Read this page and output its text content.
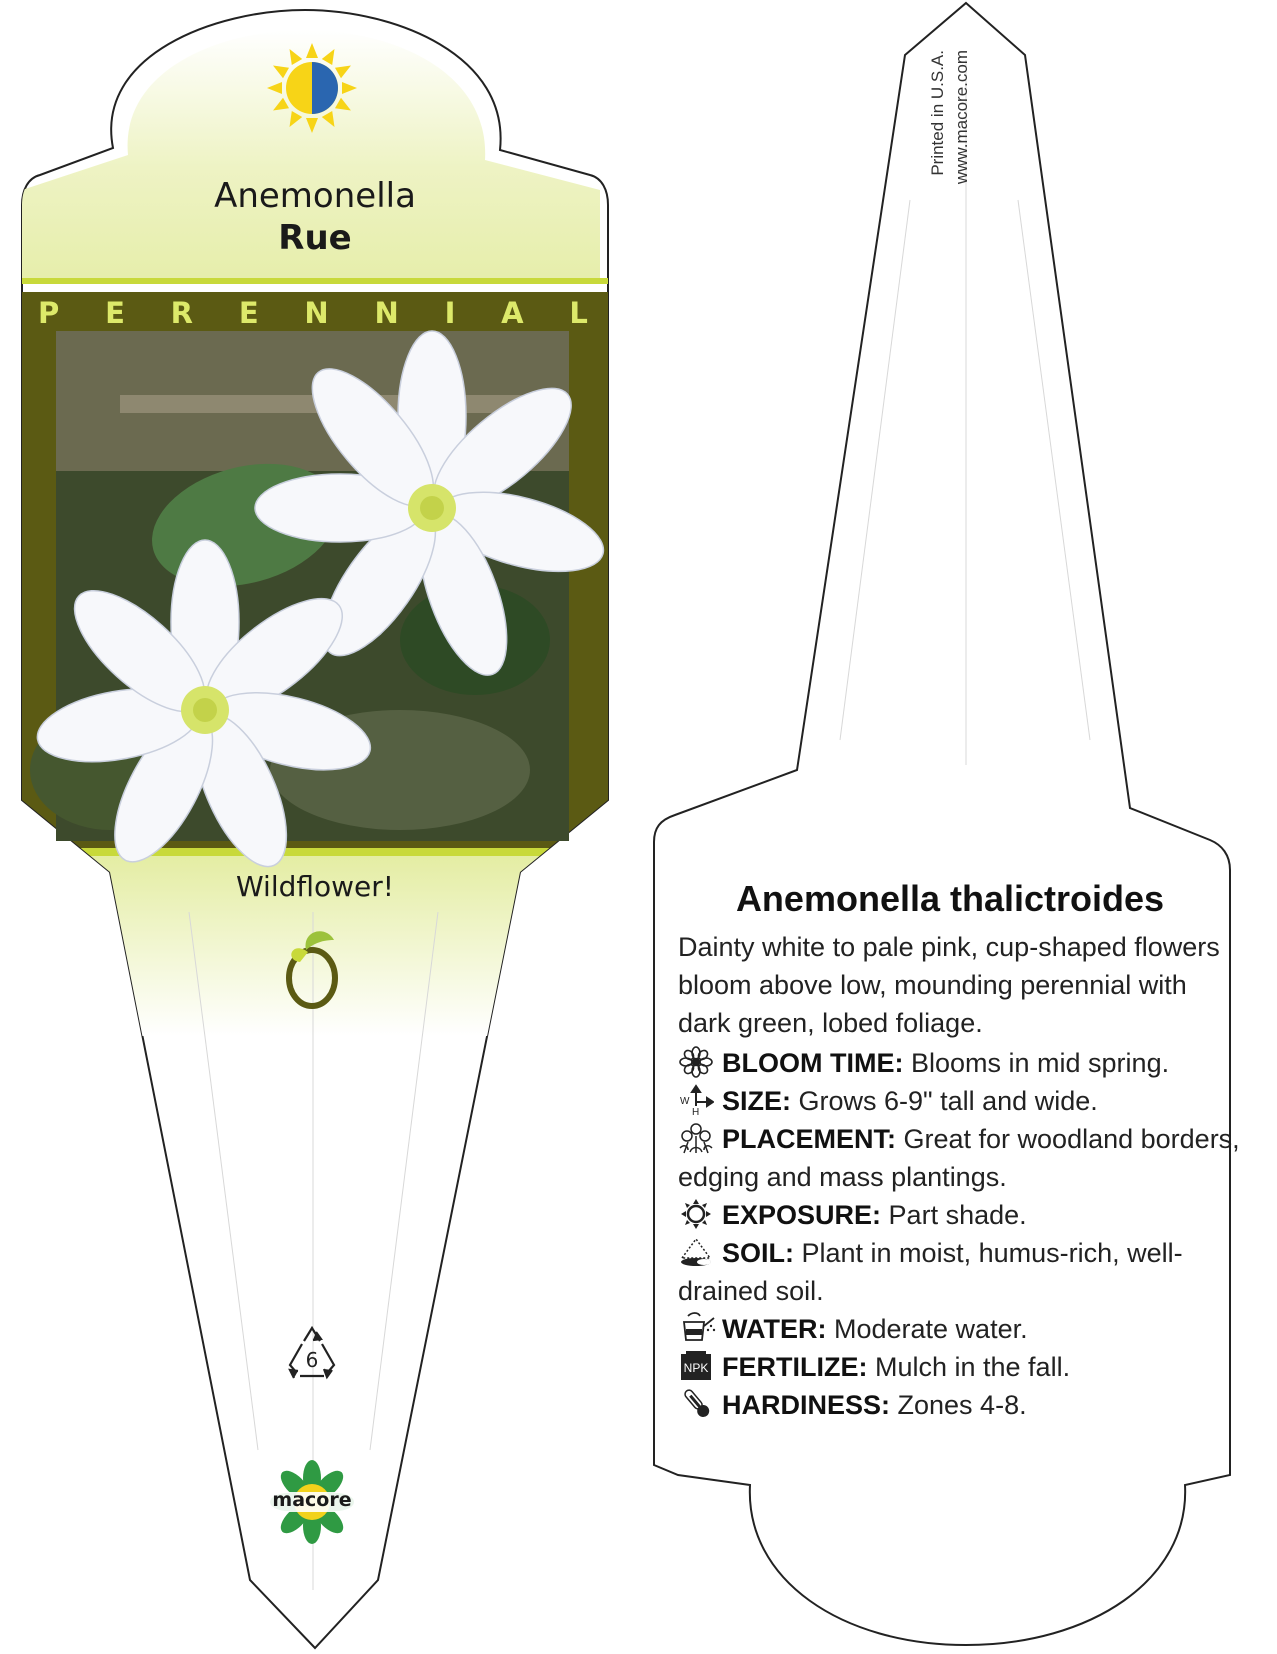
Anemonella
Rue
P E R E N N I A L
Wildflower!
6
macore
Printed in U.S.A. www.macore.com
Anemonella thalictroides
Dainty white to pale pink, cup-shaped flowers bloom above low, mounding perennial with dark green, lobed foliage.
BLOOM TIME: Blooms in mid spring.
W
H SIZE: Grows 6-9" tall and wide.
PLACEMENT: Great for woodland borders, edging and mass plantings.
EXPOSURE: Part shade.
SOIL: Plant in moist, humus-rich, well-drained soil.
WATER: Moderate water.
NPK FERTILIZE: Mulch in the fall.
HARDINESS: Zones 4-8.
